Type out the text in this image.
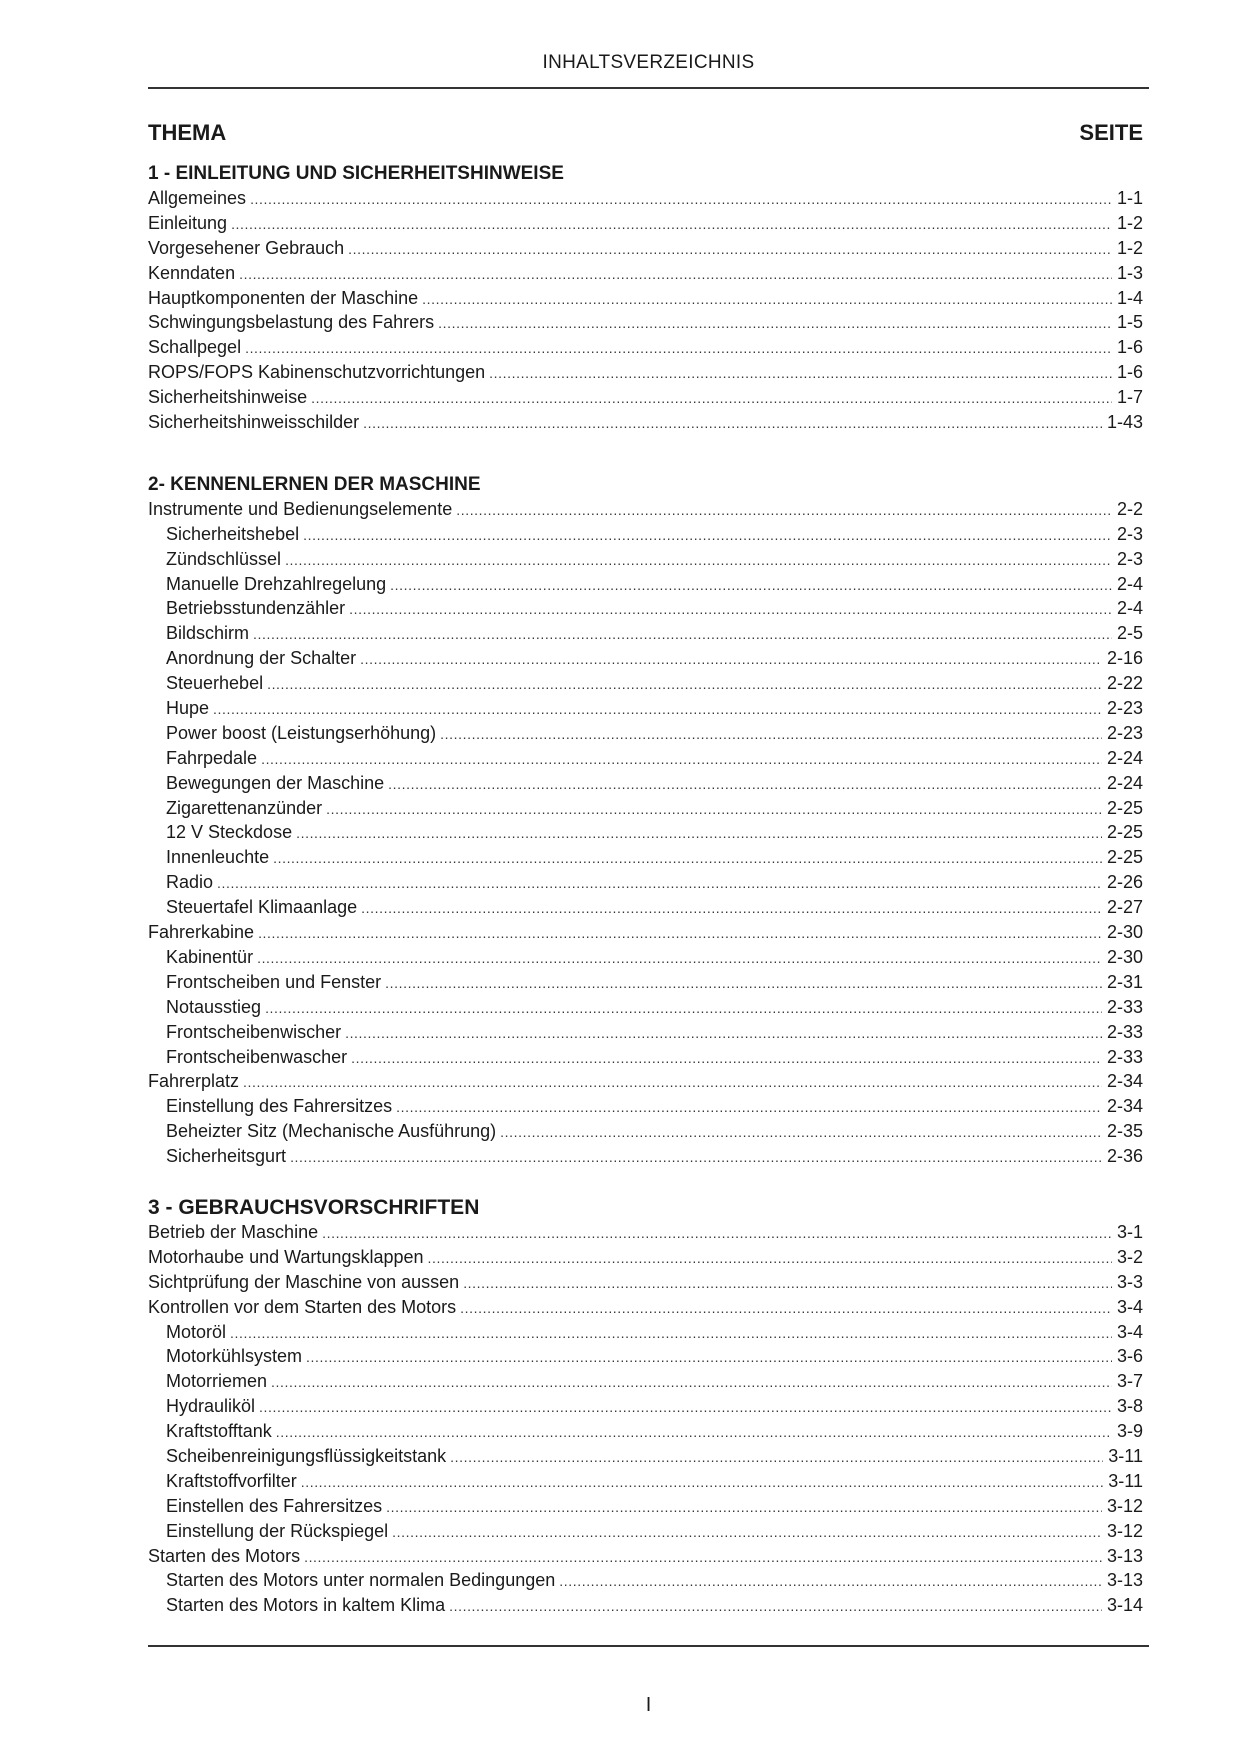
INHALTSVERZEICHNIS
THEMA	SEITE
1 - EINLEITUNG UND SICHERHEITSHINWEISE
Allgemeines .....	1-1
Einleitung .....	1-2
Vorgesehener Gebrauch .....	1-2
Kenndaten .....	1-3
Hauptkomponenten der Maschine .....	1-4
Schwingungsbelastung des Fahrers .....	1-5
Schallpegel .....	1-6
ROPS/FOPS Kabinenschutzvorrichtungen .....	1-6
Sicherheitshinweise .....	1-7
Sicherheitshinweisschilder .....	1-43
2- KENNENLERNEN DER MASCHINE
Instrumente und Bedienungselemente .....	2-2
Sicherheitshebel .....	2-3
Zündschlüssel .....	2-3
Manuelle Drehzahlregelung .....	2-4
Betriebsstundenzähler .....	2-4
Bildschirm .....	2-5
Anordnung der Schalter .....	2-16
Steuerhebel .....	2-22
Hupe .....	2-23
Power boost (Leistungserhöhung) .....	2-23
Fahrpedale .....	2-24
Bewegungen der Maschine .....	2-24
Zigarettenanzünder .....	2-25
12 V Steckdose .....	2-25
Innenleuchte .....	2-25
Radio .....	2-26
Steuertafel Klimaanlage .....	2-27
Fahrerkabine .....	2-30
Kabinentür .....	2-30
Frontscheiben und Fenster .....	2-31
Notausstieg .....	2-33
Frontscheibenwischer .....	2-33
Frontscheibenwascher .....	2-33
Fahrerplatz .....	2-34
Einstellung des Fahrersitzes .....	2-34
Beheizter Sitz (Mechanische Ausführung) .....	2-35
Sicherheitsgurt .....	2-36
3 - GEBRAUCHSVORSCHRIFTEN
Betrieb der Maschine .....	3-1
Motorhaube und Wartungsklappen .....	3-2
Sichtprüfung der Maschine von aussen .....	3-3
Kontrollen vor dem Starten des Motors .....	3-4
Motoröl .....	3-4
Motorkühlsystem .....	3-6
Motorriemen .....	3-7
Hydrauliköl .....	3-8
Kraftstofftank .....	3-9
Scheibenreinigungsflüssigkeitstank .....	3-11
Kraftstoffvorfilter .....	3-11
Einstellen des Fahrersitzes .....	3-12
Einstellung der Rückspiegel .....	3-12
Starten des Motors .....	3-13
Starten des Motors unter normalen Bedingungen .....	3-13
Starten des Motors in kaltem Klima .....	3-14
I
